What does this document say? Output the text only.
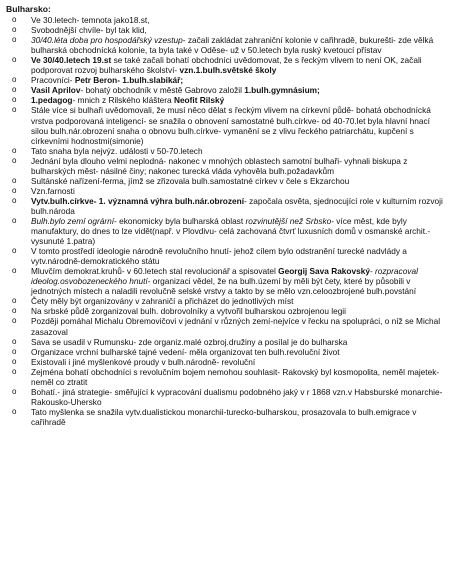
Bulharsko:
o Ve 30.letech- temnota jako18.st,
o Svobodnější chvíle- byl tak klid,
o 30/40.léta doba pro hospodářský vzestup- začali zakládat zahraniční kolonie v cařihradě, bukurešti- zde vělká bulharská obchodnícká kolonie, ta byla také v Oděse- už v 50.letech byla ruský kvetoucí přístav
o Ve 30/40.letech 19.st se také začali bohatí obchodníci uvědomovat, že s řeckým vlivem to není OK, začali podporovat rozvoj bulharského školství- vzn.1.bulh.světské školy
o Pracovníci- Petr Beron- 1.bulh.slabikář;
o Vasil Aprilov- bohatý obchodník v městě Gabrovo založil 1.bulh.gymnásium;
o 1.pedagog- mnich z Rilského kláštera Neofit Rilský
o Stále více si bulhaři uvědomovali, že musí něco dělat s řeckým vlivem na církevní půdě- bohatá obchodnícká vrstva podporovaná inteligencí- se snažila o obnovení samostatné bulh.církve- od 40-70.let byla hlavní hnací silou bulh.nár.obrození snaha o obnovu bulh.církve- vymanění se z vlivu řeckého patriarchátu, kupčení s církevními hodnostmi(simonie)
o Tato snaha byla nejvýz. události v 50-70.letech
o Jednání byla dlouho velmi neplodná- nakonec v mnohých oblastech samotní bulhaři- vyhnali biskupa z bulharských měst- násilné činy; nakonec turecká vláda vyhověla bulh.požadavkům
o Sultánské nařízení-ferma, jímž se zřizovala bulh.samostatné církev v čele s Ekzarchou
o Vzn.farnosti
o Vytv.bulh.církve- 1. významná výhra bulh.nár.obrození- započala osvěta, sjednocující role v kulturním rozvoji bulh.národa
o Bulh.bylo zemí ogrární- ekonomicky byla bulharská oblast rozvinutější než Srbsko- více měst, kde byly manufaktury, do dnes to lze vidět(např. v Plovdivu- celá zachovaná čtvrť luxusních domů v osmanské archit.-vysunuté 1.patra)
o V tomto prostředí ideologie národně revolučního hnutí- jehož cílem bylo odstranění turecké nadvlády a vytv.národně-demokratického státu
o Mluvčím demokrat.kruhů- v 60.letech stal revolucionář a spisovatel Georgij Sava Rakovský- rozpracoval ideolog.osvobozeneckého hnutí- organizaci vědel, že na bulh.území by měli být čety, které by působili v jednotných místech a naladili revolučně selské vrstvy a takto by se mělo vzn.celoozbrojené bulh.povstání
o Čety měly být organizovány v zahraničí a přicházet do jednotlivých míst
o Na srbské půdě zorganizoval bulh. dobrovolníky a vytvořil bulharskou ozbrojenou legii
o Později pomáhal Michalu Obremovičovi v jednání v různých zemí-nejvíce v řecku na spolupráci, o níž se Michal zasazoval
o Sava se usadil v Rumunsku- zde organiz.malé ozbroj.družiny a posílal je do bulharska
o Organizace vrchní bulharské tajné vedení- měla organizovat ten bulh.revoluční život
o Existovali i jiné myšlenkové proudy v bulh.národně- revoluční
o Zejména bohatí obchodníci s revolučním bojem nemohou souhlasit- Rakovský byl kosmopolita, neměl majetek- neměl co ztratit
o Bohatí.- jiná strategie- směřující k vypracování dualismu podobného jaký v r 1868 vzn.v Habsburské monarchie- Rakousko-Uhersko
o Tato myšlenka se snažila vytv.dualistickou monarchii-turecko-bulharskou, prosazovala to bulh.emigrace v cařihradě
